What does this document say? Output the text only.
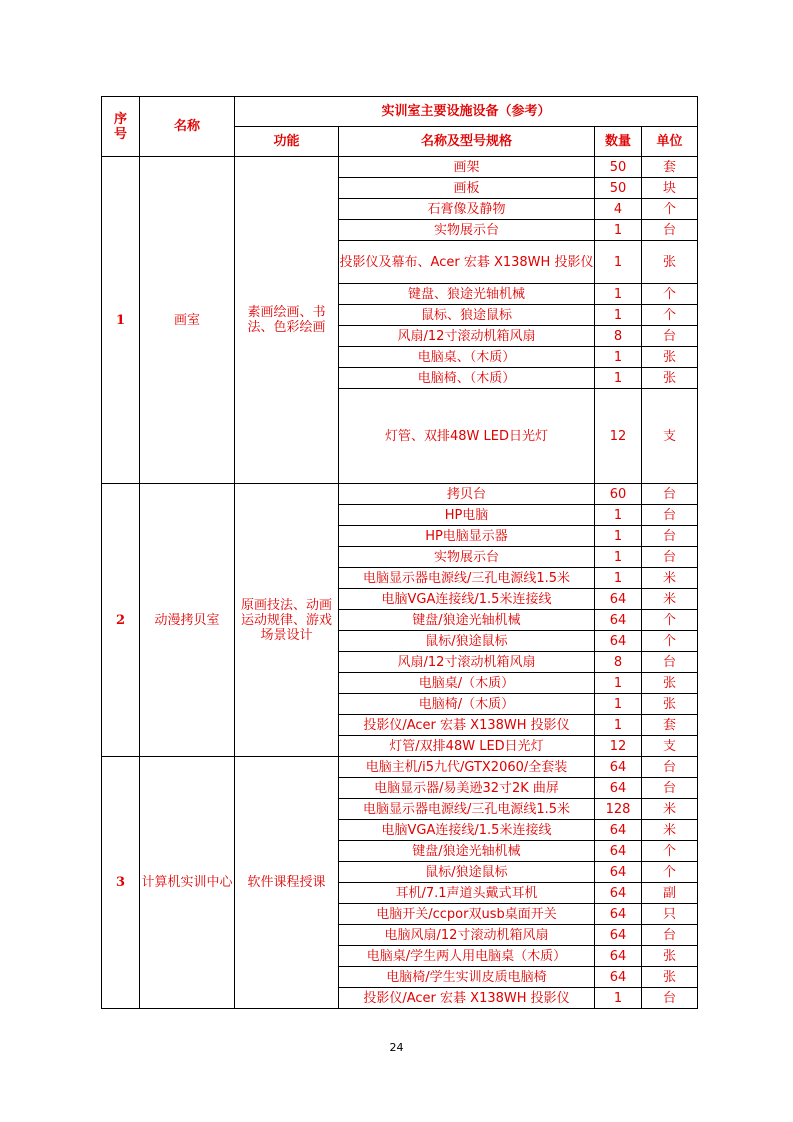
序
号	名称	实训室主要设施设备（参考）			
		功能	名称及型号规格	数量	单位
1	画室	素画绘画、书法、色彩绘画	画架	50	套
			画板	50	块
			石膏像及静物	4	个
			实物展示台	1	台
			投影仪及幕布、Acer 宏碁 X138WH 投影仪	1	张
			键盘、狼途光轴机械	1	个
			鼠标、狼途鼠标	1	个
			风扇/12寸滚动机箱风扇	8	台
			电脑桌、（木质）	1	张
			电脑椅、（木质）	1	张
			灯管、双排48W LED日光灯	12	支
2	动漫拷贝室	原画技法、动画运动规律、游戏场景设计	拷贝台	60	台
			HP电脑	1	台
			HP电脑显示器	1	台
			实物展示台	1	台
			电脑显示器电源线/三孔电源线1.5米	1	米
			电脑VGA连接线/1.5米连接线	64	米
			键盘/狼途光轴机械	64	个
			鼠标/狼途鼠标	64	个
			风扇/12寸滚动机箱风扇	8	台
			电脑桌/（木质）	1	张
			电脑椅/（木质）	1	张
			投影仪/Acer 宏碁 X138WH 投影仪	1	套
			灯管/双排48W LED日光灯	12	支
3	计算机实训中心	软件课程授课	电脑主机/i5九代/GTX2060/全套装	64	台
			电脑显示器/易美逊32寸2K 曲屏	64	台
			电脑显示器电源线/三孔电源线1.5米	128	米
			电脑VGA连接线/1.5米连接线	64	米
			键盘/狼途光轴机械	64	个
			鼠标/狼途鼠标	64	个
			耳机/7.1声道头戴式耳机	64	副
			电脑开关/ccpor双usb桌面开关	64	只
			电脑风扇/12寸滚动机箱风扇	64	台
			电脑桌/学生两人用电脑桌（木质）	64	张
			电脑椅/学生实训皮质电脑椅	64	张
			投影仪/Acer 宏碁 X138WH 投影仪	1	台
24
